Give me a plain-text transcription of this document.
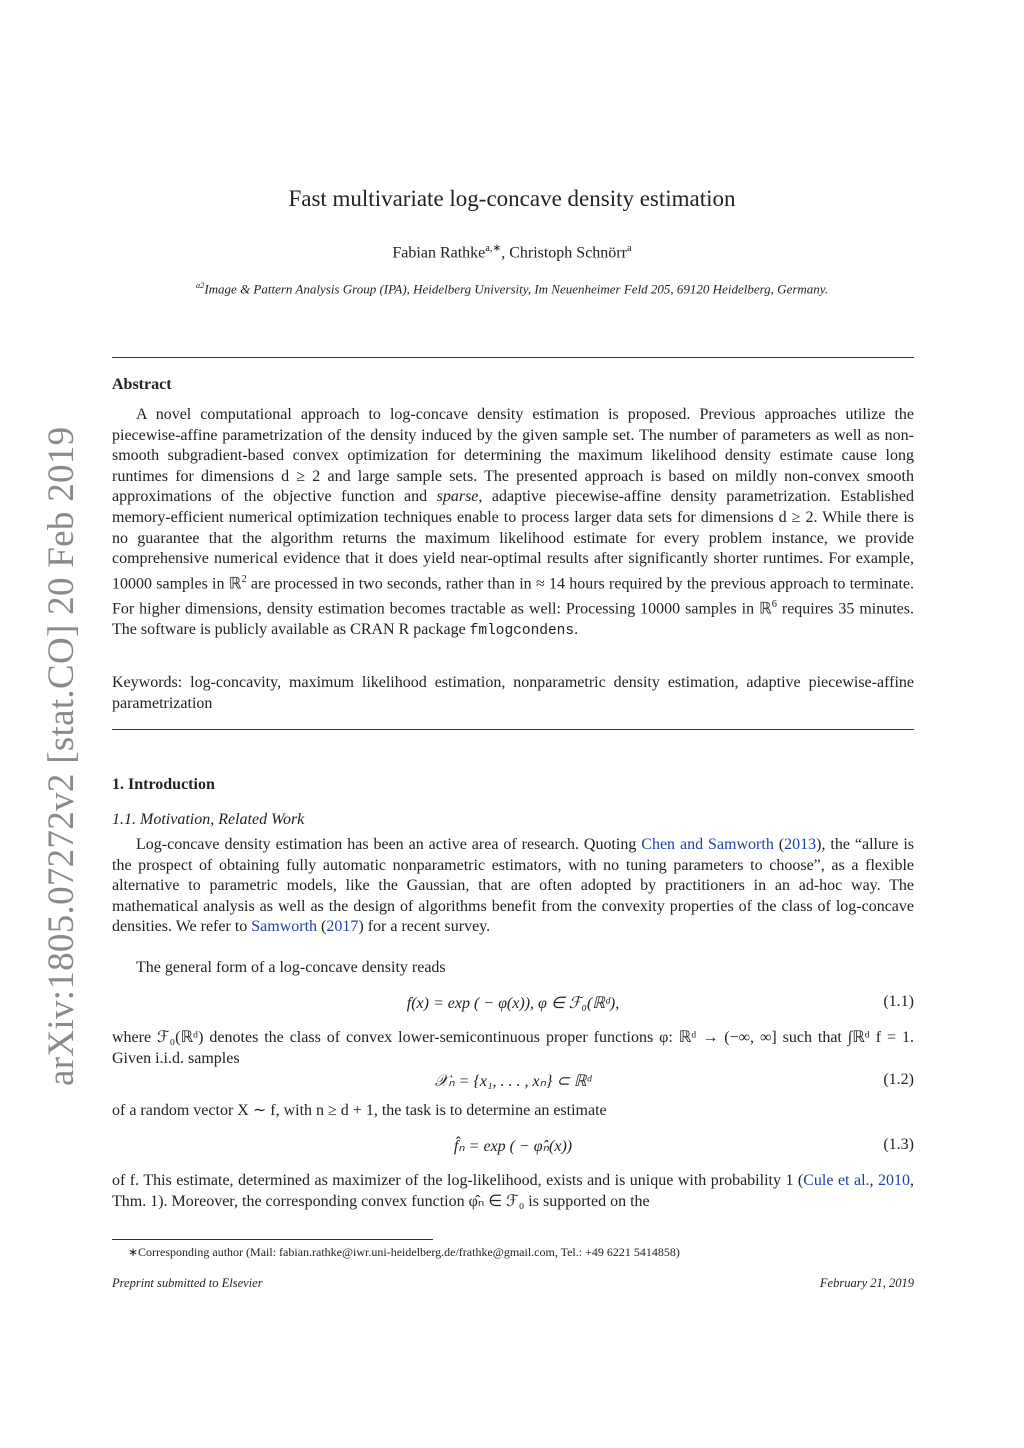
arXiv:1805.07272v2 [stat.CO] 20 Feb 2019
Fast multivariate log-concave density estimation
Fabian Rathke$^{a,∗}$, Christoph Schnörr$^a$
$^{a2}$Image & Pattern Analysis Group (IPA), Heidelberg University, Im Neuenheimer Feld 205, 69120 Heidelberg, Germany.
Abstract
A novel computational approach to log-concave density estimation is proposed. Previous approaches utilize the piecewise-affine parametrization of the density induced by the given sample set. The number of parameters as well as non-smooth subgradient-based convex optimization for determining the maximum likelihood density estimate cause long runtimes for dimensions d ≥ 2 and large sample sets. The presented approach is based on mildly non-convex smooth approximations of the objective function and sparse, adaptive piecewise-affine density parametrization. Established memory-efficient numerical optimization techniques enable to process larger data sets for dimensions d ≥ 2. While there is no guarantee that the algorithm returns the maximum likelihood estimate for every problem instance, we provide comprehensive numerical evidence that it does yield near-optimal results after significantly shorter runtimes. For example, 10000 samples in ℝ$^2$ are processed in two seconds, rather than in ≈ 14 hours required by the previous approach to terminate. For higher dimensions, density estimation becomes tractable as well: Processing 10000 samples in ℝ$^6$ requires 35 minutes. The software is publicly available as CRAN R package fmlogcondens.
Keywords: log-concavity, maximum likelihood estimation, nonparametric density estimation, adaptive piecewise-affine parametrization
1. Introduction
1.1. Motivation, Related Work
Log-concave density estimation has been an active area of research. Quoting Chen and Samworth (2013), the “allure is the prospect of obtaining fully automatic nonparametric estimators, with no tuning parameters to choose”, as a flexible alternative to parametric models, like the Gaussian, that are often adopted by practitioners in an ad-hoc way. The mathematical analysis as well as the design of algorithms benefit from the convexity properties of the class of log-concave densities. We refer to Samworth (2017) for a recent survey.
The general form of a log-concave density reads
f(x) = exp ( − φ(x)), φ ∈ ℱ₀(ℝᵈ),	(1.1)
where ℱ₀(ℝᵈ) denotes the class of convex lower-semicontinuous proper functions φ: ℝᵈ → (−∞, ∞] such that ∫ℝᵈ f = 1. Given i.i.d. samples
𝒳ₙ = {x₁, . . . , xₙ} ⊂ ℝᵈ	(1.2)
of a random vector X ∼ f, with n ≥ d + 1, the task is to determine an estimate
f̂ₙ = exp ( − φ̂ₙ(x))	(1.3)
of f. This estimate, determined as maximizer of the log-likelihood, exists and is unique with probability 1 (Cule et al., 2010, Thm. 1). Moreover, the corresponding convex function φ̂ₙ ∈ ℱ₀ is supported on the
∗Corresponding author (Mail: fabian.rathke@iwr.uni-heidelberg.de/frathke@gmail.com, Tel.: +49 6221 5414858)
Preprint submitted to Elsevier	February 21, 2019
